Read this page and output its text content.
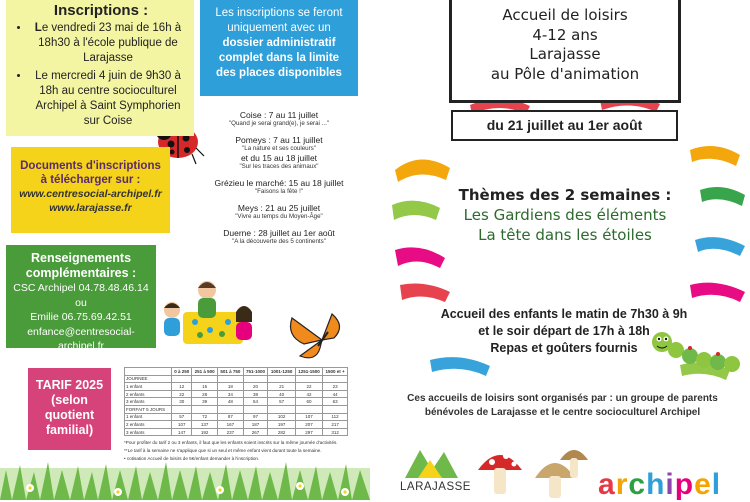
Inscriptions :
• Le vendredi 23 mai de 16h à 18h30 à l'école publique de Larajasse
• Le mercredi 4 juin de 9h30 à 18h au centre socioculturel Archipel à Saint Symphorien sur Coise
Les inscriptions se feront uniquement avec un dossier administratif complet dans la limite des places disponibles
Documents d'inscriptions à télécharger sur :
www.centresocial-archipel.fr
www.larajasse.fr
Renseignements complémentaires :
CSC Archipel 04.78.48.46.14 ou
Emilie 06.75.69.42.51
enfance@centresocial-
archipel.fr
TARIF 2025
(selon
quotient
familial)
Coise : 7 au 11 juillet
"Quand je serai grand(e), je serai ..."
Pomeys : 7 au 11 juillet
"La nature et ses couleurs"
et du 15 au 18 juillet
"Sur les traces des animaux"
Grézieu le marché: 15 au 18 juillet
"Faisons la fête !"
Meys : 21 au 25 juillet
"Vivre au temps du Moyen-Âge"
Duerne : 28 juillet au 1er août
"A la découverte des 5 continents"
	0 à 250	251 à 500	501 à 750	751-1000	1001-1250	1251-1500	1500 et +
JOURNEE							
1 enfant	12	15	18	20	21	22	23
2 enfants	22	28	34	38	40	42	44
3 enfants	30	39	48	54	57	60	63
FORFAIT 5 JOURS							
1 enfant	57	72	87	97	102	107	112
2 enfants	107	137	167	187	197	207	217
3 enfants	147	192	237	267	282	297	312

*Pour profiter du tarif 2 ou 3 enfants, il faut que les enfants soient inscrits sur la même journée d'activités.

**Le tarif à la semaine ne s'applique que si un seul et même enfant vient durant toute la semaine.

• cotisation Accueil de loisirs de 5€/enfant demander à l'inscription.

Accueil de loisirs
4-12 ans
Larajasse
au Pôle d'animation
du 21 juillet au 1er août
Thèmes des 2 semaines :
Les Gardiens des éléments
La tête dans les étoiles
Accueil des enfants le matin de 7h30 à 9h
et le soir départ de 17h à 18h
Repas et goûters fournis
Ces accueils de loisirs sont organisés par : un groupe de parents bénévoles de Larajasse et le centre socioculturel Archipel
LARAJASSE	archipel
